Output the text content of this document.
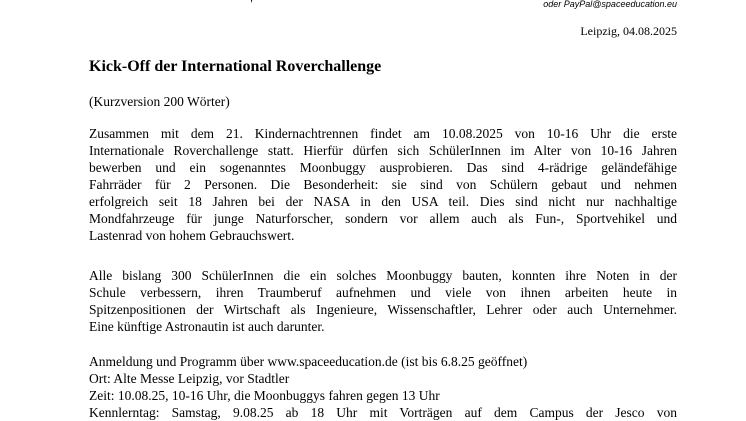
oder PayPal@spaceeducation.eu
Leipzig, 04.08.2025
Kick-Off der International Roverchallenge

(Kurzversion 200 Wörter)

Zusammen mit dem 21. Kindernachtrennen findet am 10.08.2025 von 10-16 Uhr die erste
Internationale Roverchallenge statt. Hierfür dürfen sich SchülerInnen im Alter von 10-16 Jahren
bewerben und ein sogenanntes Moonbuggy ausprobieren. Das sind 4-rädrige geländefähige
Fahrräder für 2 Personen. Die Besonderheit: sie sind von Schülern gebaut und nehmen
erfolgreich seit 18 Jahren bei der NASA in den USA teil. Dies sind nicht nur nachhaltige
Mondfahrzeuge für junge Naturforscher, sondern vor allem auch als Fun-, Sportvehikel und
Lastenrad von hohem Gebrauchswert.

Alle bislang 300 SchülerInnen die ein solches Moonbuggy bauten, konnten ihre Noten in der
Schule verbessern, ihren Traumberuf aufnehmen und viele von ihnen arbeiten heute in
Spitzenpositionen der Wirtschaft als Ingenieure, Wissenschaftler, Lehrer oder auch Unternehmer.
Eine künftige Astronautin ist auch darunter.

Anmeldung und Programm über www.spaceeducation.de (ist bis 6.8.25 geöffnet)
Ort: Alte Messe Leipzig, vor Stadtler
Zeit: 10.08.25, 10-16 Uhr, die Moonbuggys fahren gegen 13 Uhr
Kennlerntag: Samstag, 9.08.25 ab 18 Uhr mit Vorträgen auf dem Campus der Jesco von
